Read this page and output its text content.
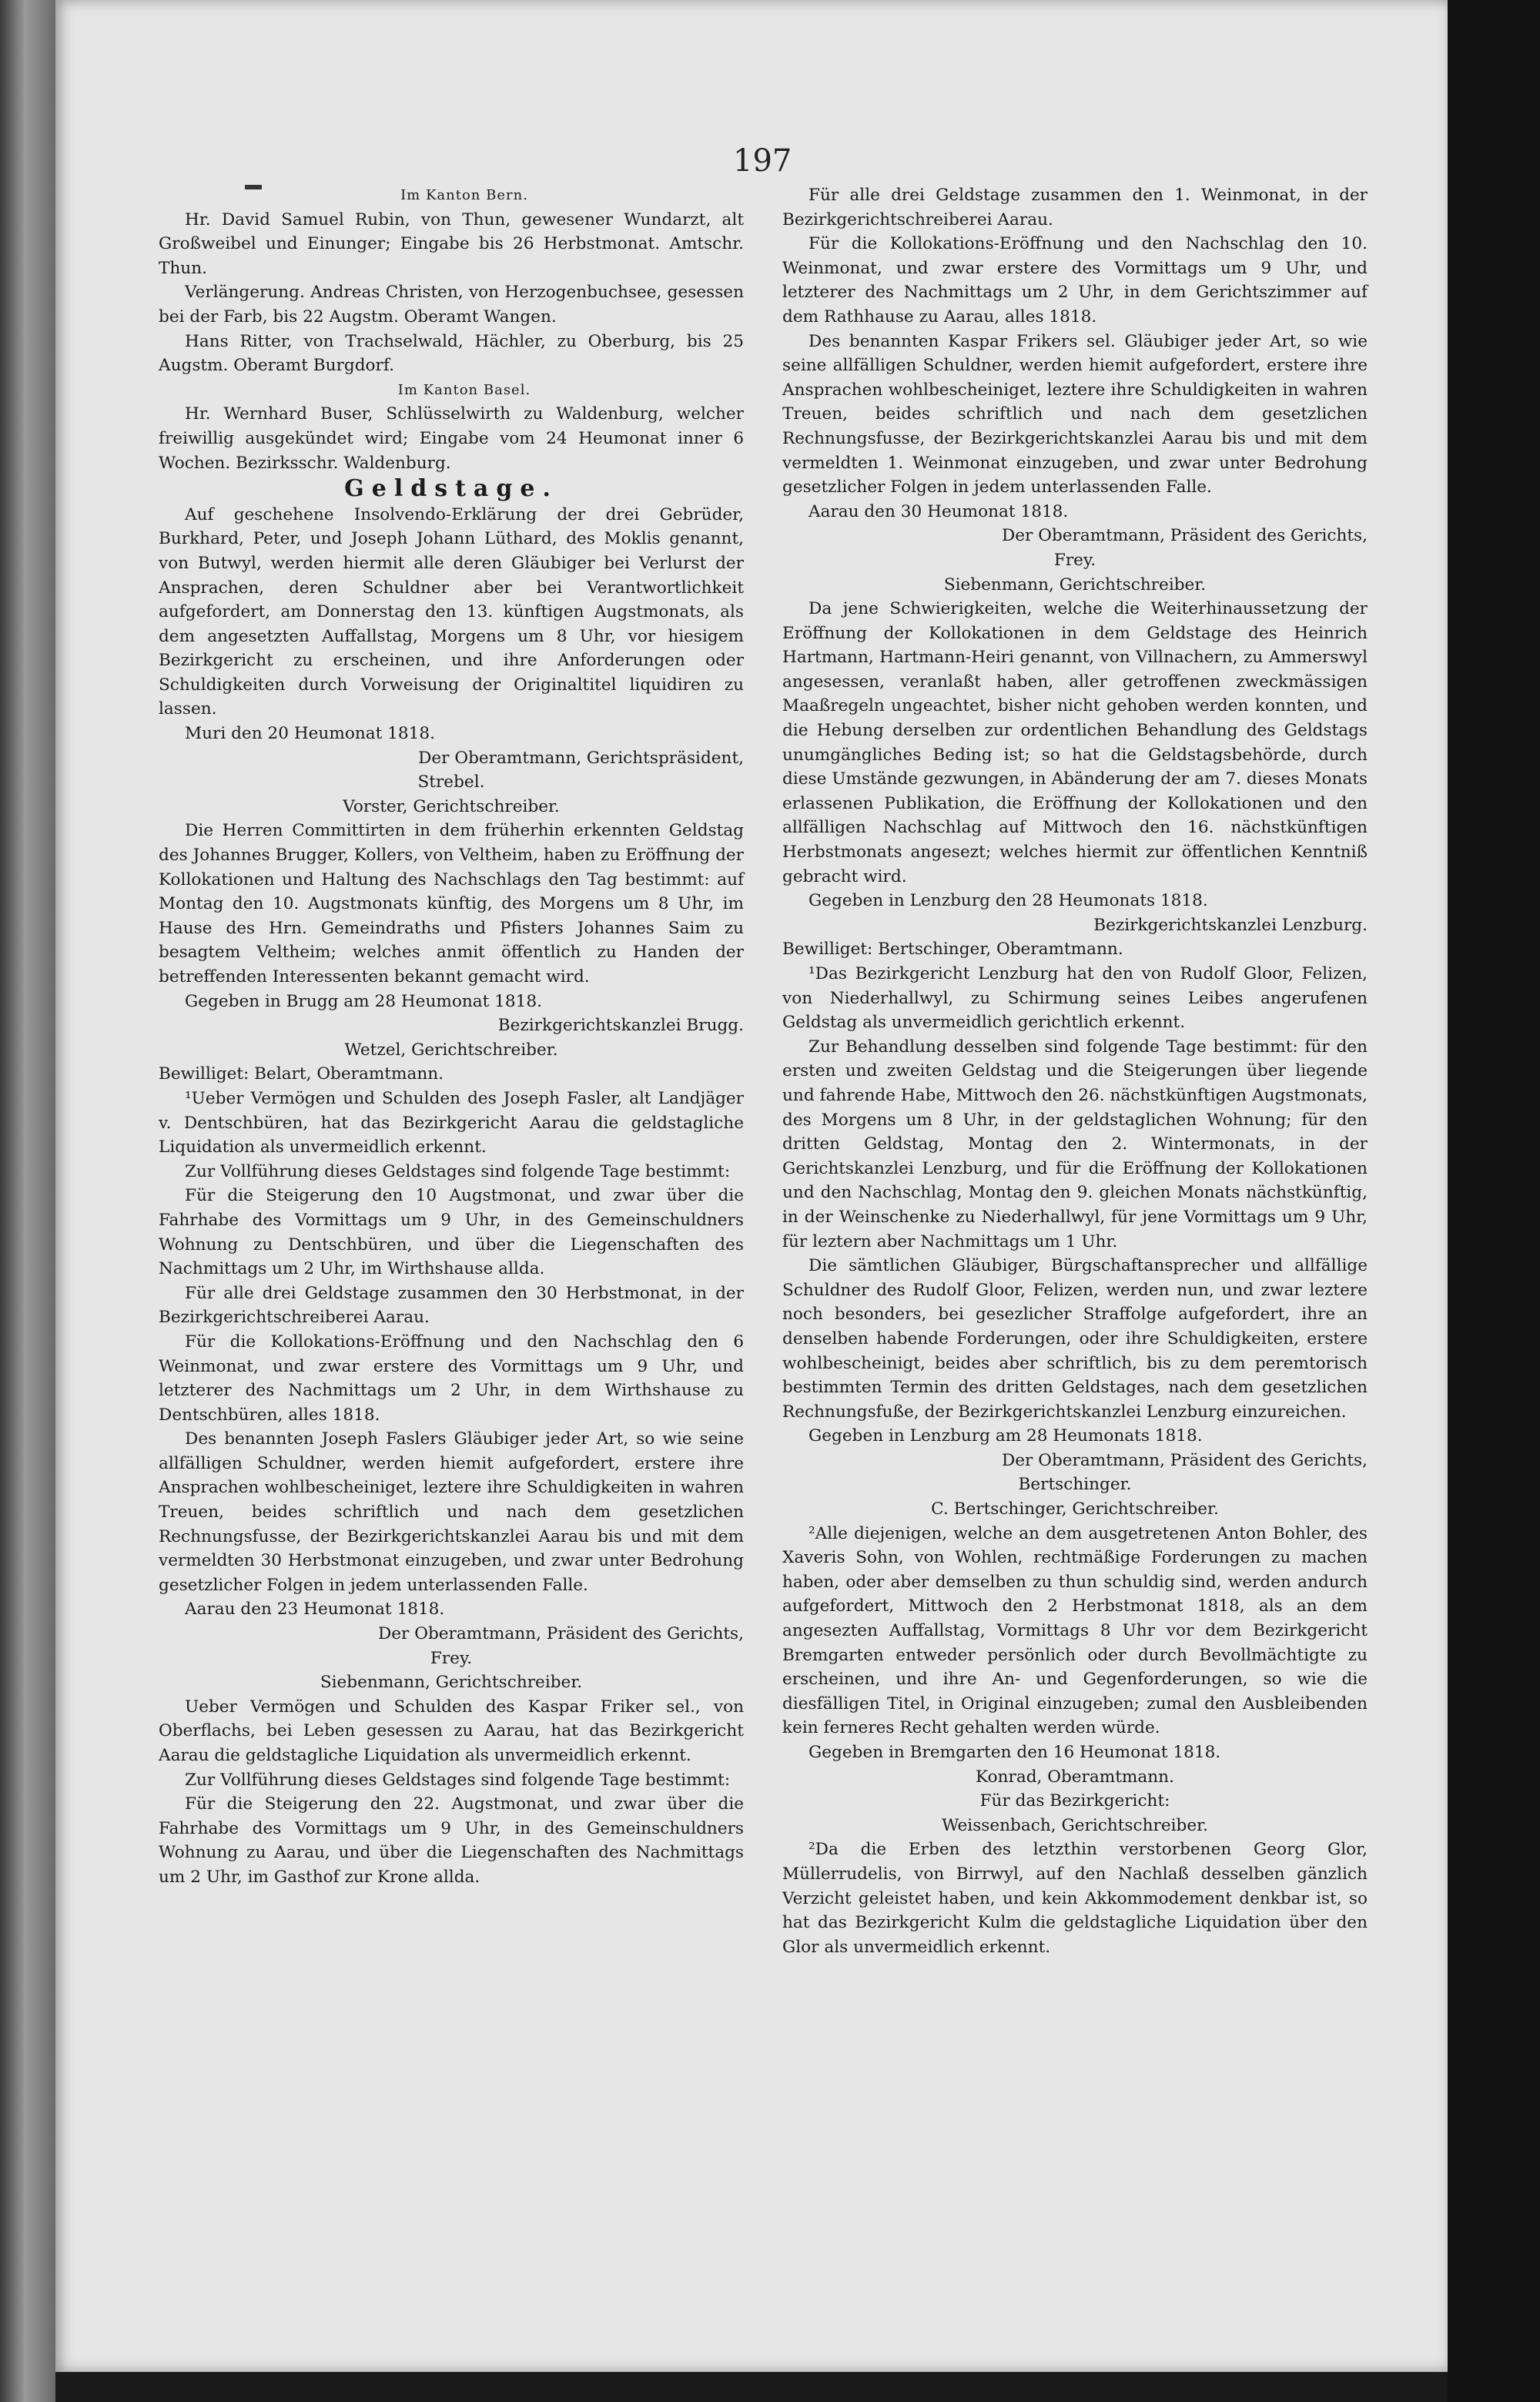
197

Im Kanton Bern.

Hr. David Samuel Rubin, von Thun, gewesener Wundarzt, alt Großweibel und Einunger; Eingabe bis 26 Herbstmonat. Amtschr. Thun.

Verlängerung. Andreas Christen, von Herzogenbuchsee, gesessen bei der Farb, bis 22 Augstm. Oberamt Wangen.

Hans Ritter, von Trachselwald, Hächler, zu Oberburg, bis 25 Augstm. Oberamt Burgdorf.

Im Kanton Basel.

Hr. Wernhard Buser, Schlüsselwirth zu Waldenburg, welcher freiwillig ausgekündet wird; Eingabe vom 24 Heumonat inner 6 Wochen. Bezirksschr. Waldenburg.

Geldstage.

Auf geschehene Insolvendo-Erklärung der drei Gebrüder, Burkhard, Peter, und Joseph Johann Lüthard, des Moklis genannt, von Butwyl, werden hiermit alle deren Gläubiger bei Verlurst der Ansprachen, deren Schuldner aber bei Verantwortlichkeit aufgefordert, am Donnerstag den 13. künftigen Augstmonats, als dem angesetzten Auffallstag, Morgens um 8 Uhr, vor hiesigem Bezirkgericht zu erscheinen, und ihre Anforderungen oder Schuldigkeiten durch Vorweisung der Originaltitel liquidiren zu lassen.

Muri den 20 Heumonat 1818.

Der Oberamtmann, Gerichtspräsident,

Strebel.

Vorster, Gerichtschreiber.

Die Herren Committirten in dem früherhin erkennten Geldstag des Johannes Brugger, Kollers, von Veltheim, haben zu Eröffnung der Kollokationen und Haltung des Nachschlags den Tag bestimmt: auf Montag den 10. Augstmonats künftig, des Morgens um 8 Uhr, im Hause des Hrn. Gemeindraths und Pfisters Johannes Saim zu besagtem Veltheim; welches anmit öffentlich zu Handen der betreffenden Interessenten bekannt gemacht wird.

Gegeben in Brugg am 28 Heumonat 1818.

Bezirkgerichtskanzlei Brugg.

Wetzel, Gerichtschreiber.

Bewilliget: Belart, Oberamtmann.

¹Ueber Vermögen und Schulden des Joseph Fasler, alt Landjäger v. Dentschbüren, hat das Bezirkgericht Aarau die geldstagliche Liquidation als unvermeidlich erkennt.

Zur Vollführung dieses Geldstages sind folgende Tage bestimmt:

Für die Steigerung den 10 Augstmonat, und zwar über die Fahrhabe des Vormittags um 9 Uhr, in des Gemeinschuldners Wohnung zu Dentschbüren, und über die Liegenschaften des Nachmittags um 2 Uhr, im Wirthshause allda.

Für alle drei Geldstage zusammen den 30 Herbstmonat, in der Bezirkgerichtschreiberei Aarau.

Für die Kollokations-Eröffnung und den Nachschlag den 6 Weinmonat, und zwar erstere des Vormittags um 9 Uhr, und letzterer des Nachmittags um 2 Uhr, in dem Wirthshause zu Dentschbüren, alles 1818.

Des benannten Joseph Faslers Gläubiger jeder Art, so wie seine allfälligen Schuldner, werden hiemit aufgefordert, erstere ihre Ansprachen wohlbescheiniget, leztere ihre Schuldigkeiten in wahren Treuen, beides schriftlich und nach dem gesetzlichen Rechnungsfusse, der Bezirkgerichtskanzlei Aarau bis und mit dem vermeldten 30 Herbstmonat einzugeben, und zwar unter Bedrohung gesetzlicher Folgen in jedem unterlassenden Falle.

Aarau den 23 Heumonat 1818.

Der Oberamtmann, Präsident des Gerichts,

Frey.

Siebenmann, Gerichtschreiber.

Ueber Vermögen und Schulden des Kaspar Friker sel., von Oberflachs, bei Leben gesessen zu Aarau, hat das Bezirkgericht Aarau die geldstagliche Liquidation als unvermeidlich erkennt.

Zur Vollführung dieses Geldstages sind folgende Tage bestimmt:

Für die Steigerung den 22. Augstmonat, und zwar über die Fahrhabe des Vormittags um 9 Uhr, in des Gemeinschuldners Wohnung zu Aarau, und über die Liegenschaften des Nachmittags um 2 Uhr, im Gasthof zur Krone allda.

Für alle drei Geldstage zusammen den 1. Weinmonat, in der Bezirkgerichtschreiberei Aarau.

Für die Kollokations-Eröffnung und den Nachschlag den 10. Weinmonat, und zwar erstere des Vormittags um 9 Uhr, und letzterer des Nachmittags um 2 Uhr, in dem Gerichtszimmer auf dem Rathhause zu Aarau, alles 1818.

Des benannten Kaspar Frikers sel. Gläubiger jeder Art, so wie seine allfälligen Schuldner, werden hiemit aufgefordert, erstere ihre Ansprachen wohlbescheiniget, leztere ihre Schuldigkeiten in wahren Treuen, beides schriftlich und nach dem gesetzlichen Rechnungsfusse, der Bezirkgerichtskanzlei Aarau bis und mit dem vermeldten 1. Weinmonat einzugeben, und zwar unter Bedrohung gesetzlicher Folgen in jedem unterlassenden Falle.

Aarau den 30 Heumonat 1818.

Der Oberamtmann, Präsident des Gerichts,

Frey.

Siebenmann, Gerichtschreiber.

Da jene Schwierigkeiten, welche die Weiterhinaussetzung der Eröffnung der Kollokationen in dem Geldstage des Heinrich Hartmann, Hartmann-Heiri genannt, von Villnachern, zu Ammerswyl angesessen, veranlaßt haben, aller getroffenen zweckmässigen Maaßregeln ungeachtet, bisher nicht gehoben werden konnten, und die Hebung derselben zur ordentlichen Behandlung des Geldstags unumgängliches Beding ist; so hat die Geldstagsbehörde, durch diese Umstände gezwungen, in Abänderung der am 7. dieses Monats erlassenen Publikation, die Eröffnung der Kollokationen und den allfälligen Nachschlag auf Mittwoch den 16. nächstkünftigen Herbstmonats angesezt; welches hiermit zur öffentlichen Kenntniß gebracht wird.

Gegeben in Lenzburg den 28 Heumonats 1818.

Bezirkgerichtskanzlei Lenzburg.

Bewilliget: Bertschinger, Oberamtmann.

¹Das Bezirkgericht Lenzburg hat den von Rudolf Gloor, Felizen, von Niederhallwyl, zu Schirmung seines Leibes angerufenen Geldstag als unvermeidlich gerichtlich erkennt.

Zur Behandlung desselben sind folgende Tage bestimmt: für den ersten und zweiten Geldstag und die Steigerungen über liegende und fahrende Habe, Mittwoch den 26. nächstkünftigen Augstmonats, des Morgens um 8 Uhr, in der geldstaglichen Wohnung; für den dritten Geldstag, Montag den 2. Wintermonats, in der Gerichtskanzlei Lenzburg, und für die Eröffnung der Kollokationen und den Nachschlag, Montag den 9. gleichen Monats nächstkünftig, in der Weinschenke zu Niederhallwyl, für jene Vormittags um 9 Uhr, für leztern aber Nachmittags um 1 Uhr.

Die sämtlichen Gläubiger, Bürgschaftansprecher und allfällige Schuldner des Rudolf Gloor, Felizen, werden nun, und zwar leztere noch besonders, bei gesezlicher Straffolge aufgefordert, ihre an denselben habende Forderungen, oder ihre Schuldigkeiten, erstere wohlbescheinigt, beides aber schriftlich, bis zu dem peremtorisch bestimmten Termin des dritten Geldstages, nach dem gesetzlichen Rechnungsfuße, der Bezirkgerichtskanzlei Lenzburg einzureichen.

Gegeben in Lenzburg am 28 Heumonats 1818.

Der Oberamtmann, Präsident des Gerichts,

Bertschinger.

C. Bertschinger, Gerichtschreiber.

²Alle diejenigen, welche an dem ausgetretenen Anton Bohler, des Xaveris Sohn, von Wohlen, rechtmäßige Forderungen zu machen haben, oder aber demselben zu thun schuldig sind, werden andurch aufgefordert, Mittwoch den 2 Herbstmonat 1818, als an dem angesezten Auffallstag, Vormittags 8 Uhr vor dem Bezirkgericht Bremgarten entweder persönlich oder durch Bevollmächtigte zu erscheinen, und ihre An- und Gegenforderungen, so wie die diesfälligen Titel, in Original einzugeben; zumal den Ausbleibenden kein ferneres Recht gehalten werden würde.

Gegeben in Bremgarten den 16 Heumonat 1818.

Konrad, Oberamtmann.

Für das Bezirkgericht:

Weissenbach, Gerichtschreiber.

²Da die Erben des letzthin verstorbenen Georg Glor, Müllerrudelis, von Birrwyl, auf den Nachlaß desselben gänzlich Verzicht geleistet haben, und kein Akkommodement denkbar ist, so hat das Bezirkgericht Kulm die geldstagliche Liquidation über den Glor als unvermeidlich erkennt.
